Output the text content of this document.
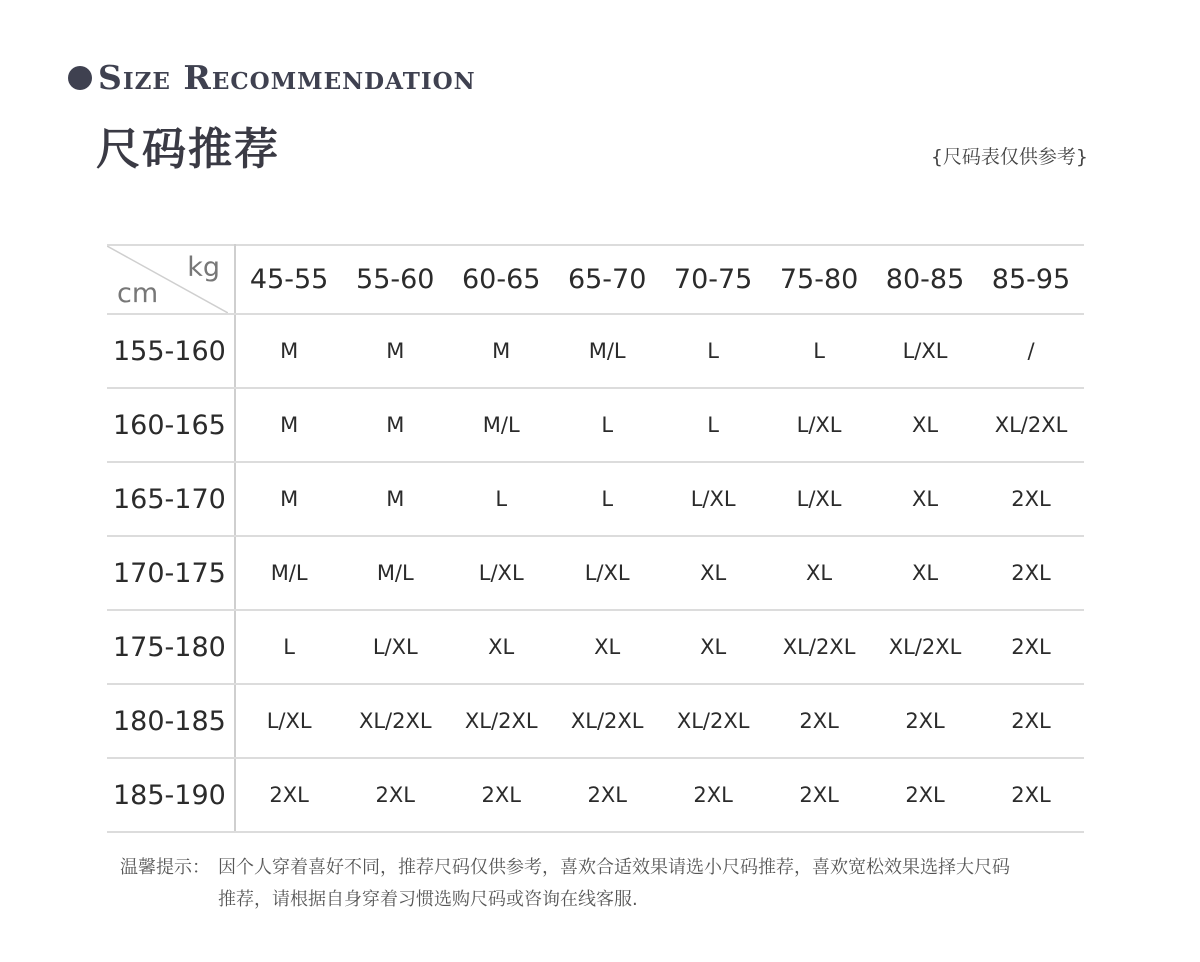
Size Recommendation
尺码推荐	{尺码表仅供参考}
kg
cm	45-55	55-60	60-65	65-70	70-75	75-80	80-85	85-95
155-160	M	M	M	M/L	L	L	L/XL	/
160-165	M	M	M/L	L	L	L/XL	XL	XL/2XL
165-170	M	M	L	L	L/XL	L/XL	XL	2XL
170-175	M/L	M/L	L/XL	L/XL	XL	XL	XL	2XL
175-180	L	L/XL	XL	XL	XL	XL/2XL	XL/2XL	2XL
180-185	L/XL	XL/2XL	XL/2XL	XL/2XL	XL/2XL	2XL	2XL	2XL
185-190	2XL	2XL	2XL	2XL	2XL	2XL	2XL	2XL
温馨提示： 因个人穿着喜好不同，推荐尺码仅供参考，喜欢合适效果请选小尺码推荐，喜欢宽松效果选择大尺码
推荐，请根据自身穿着习惯选购尺码或咨询在线客服.
